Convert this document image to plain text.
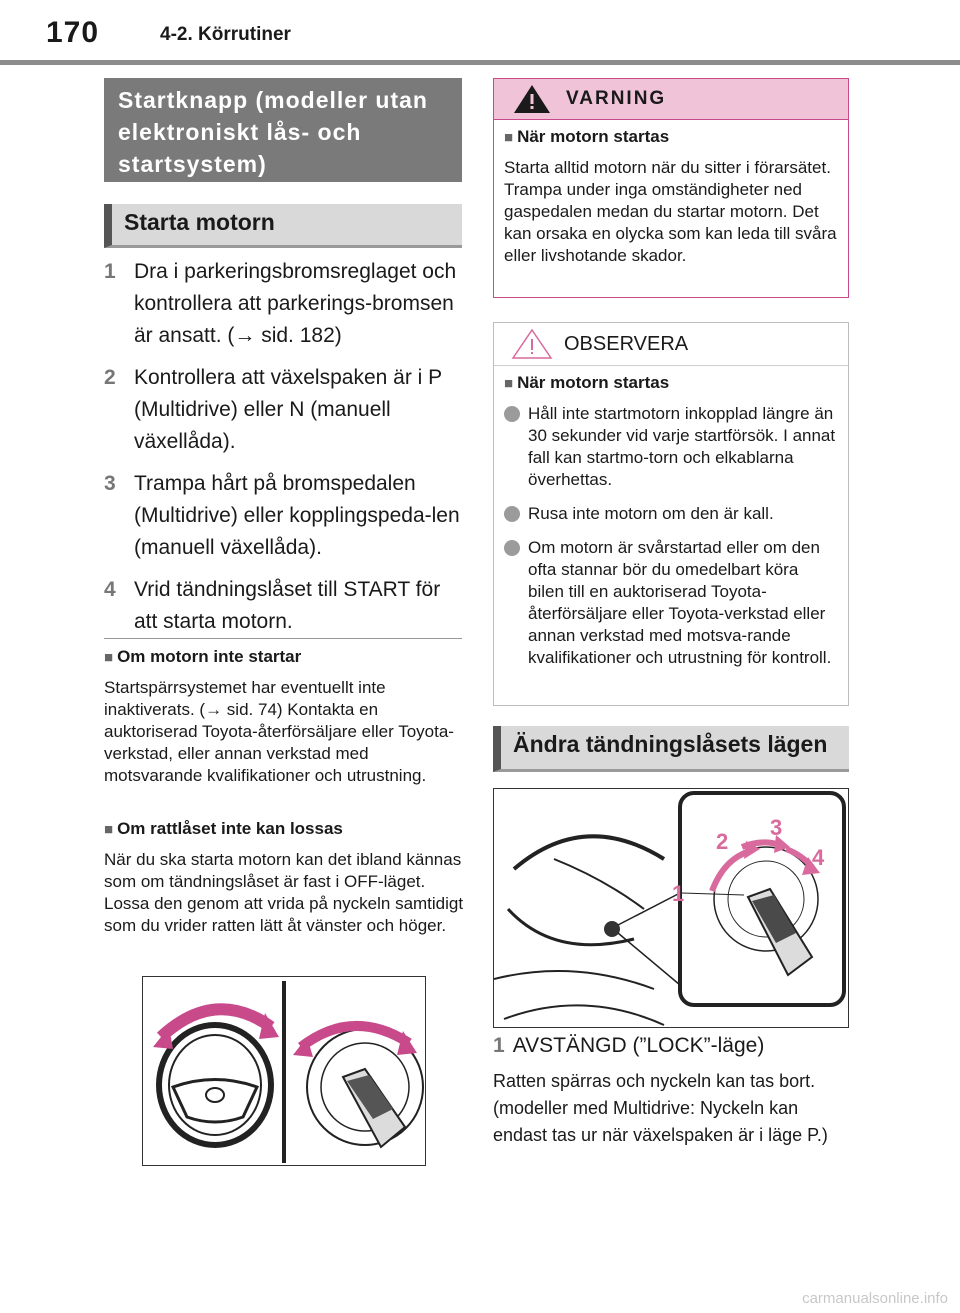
170	4-2. Körrutiner
Startknapp (modeller utan elektroniskt lås- och startsystem)
Starta motorn
1 Dra i parkeringsbromsreglaget och kontrollera att parkerings-bromsen är ansatt. (→ sid. 182)
2 Kontrollera att växelspaken är i P (Multidrive) eller N (manuell växellåda).
3 Trampa hårt på bromspedalen (Multidrive) eller kopplingspeda-len (manuell växellåda).
4 Vrid tändningslåset till START för att starta motorn.
■ Om motorn inte startar
Startspärrsystemet har eventuellt inte inaktiverats. (→ sid. 74) Kontakta en auktoriserad Toyota-återförsäljare eller Toyota-verkstad, eller annan verkstad med motsvarande kvalifikationer och utrustning.
■ Om rattlåset inte kan lossas
När du ska starta motorn kan det ibland kännas som om tändningslåset är fast i OFF-läget. Lossa den genom att vrida på nyckeln samtidigt som du vrider ratten lätt åt vänster och höger.
VARNING
■ När motorn startas
Starta alltid motorn när du sitter i förarsätet. Trampa under inga omständigheter ned gaspedalen medan du startar motorn. Det kan orsaka en olycka som kan leda till svåra eller livshotande skador.
OBSERVERA
■ När motorn startas
Håll inte startmotorn inkopplad längre än 30 sekunder vid varje startförsök. I annat fall kan startmo-torn och elkablarna överhettas.
Rusa inte motorn om den är kall.
Om motorn är svårstartad eller om den ofta stannar bör du omedelbart köra bilen till en auktoriserad Toyota-återförsäljare eller Toyota-verkstad eller annan verkstad med motsva-rande kvalifikationer och utrustning för kontroll.
Ändra tändningslåsets lägen
1
2
3
4
1 AVSTÄNGD (”LOCK”-läge)
Ratten spärras och nyckeln kan tas bort. (modeller med Multidrive: Nyckeln kan endast tas ur när växelspaken är i läge P.)
carmanualsonline.info
